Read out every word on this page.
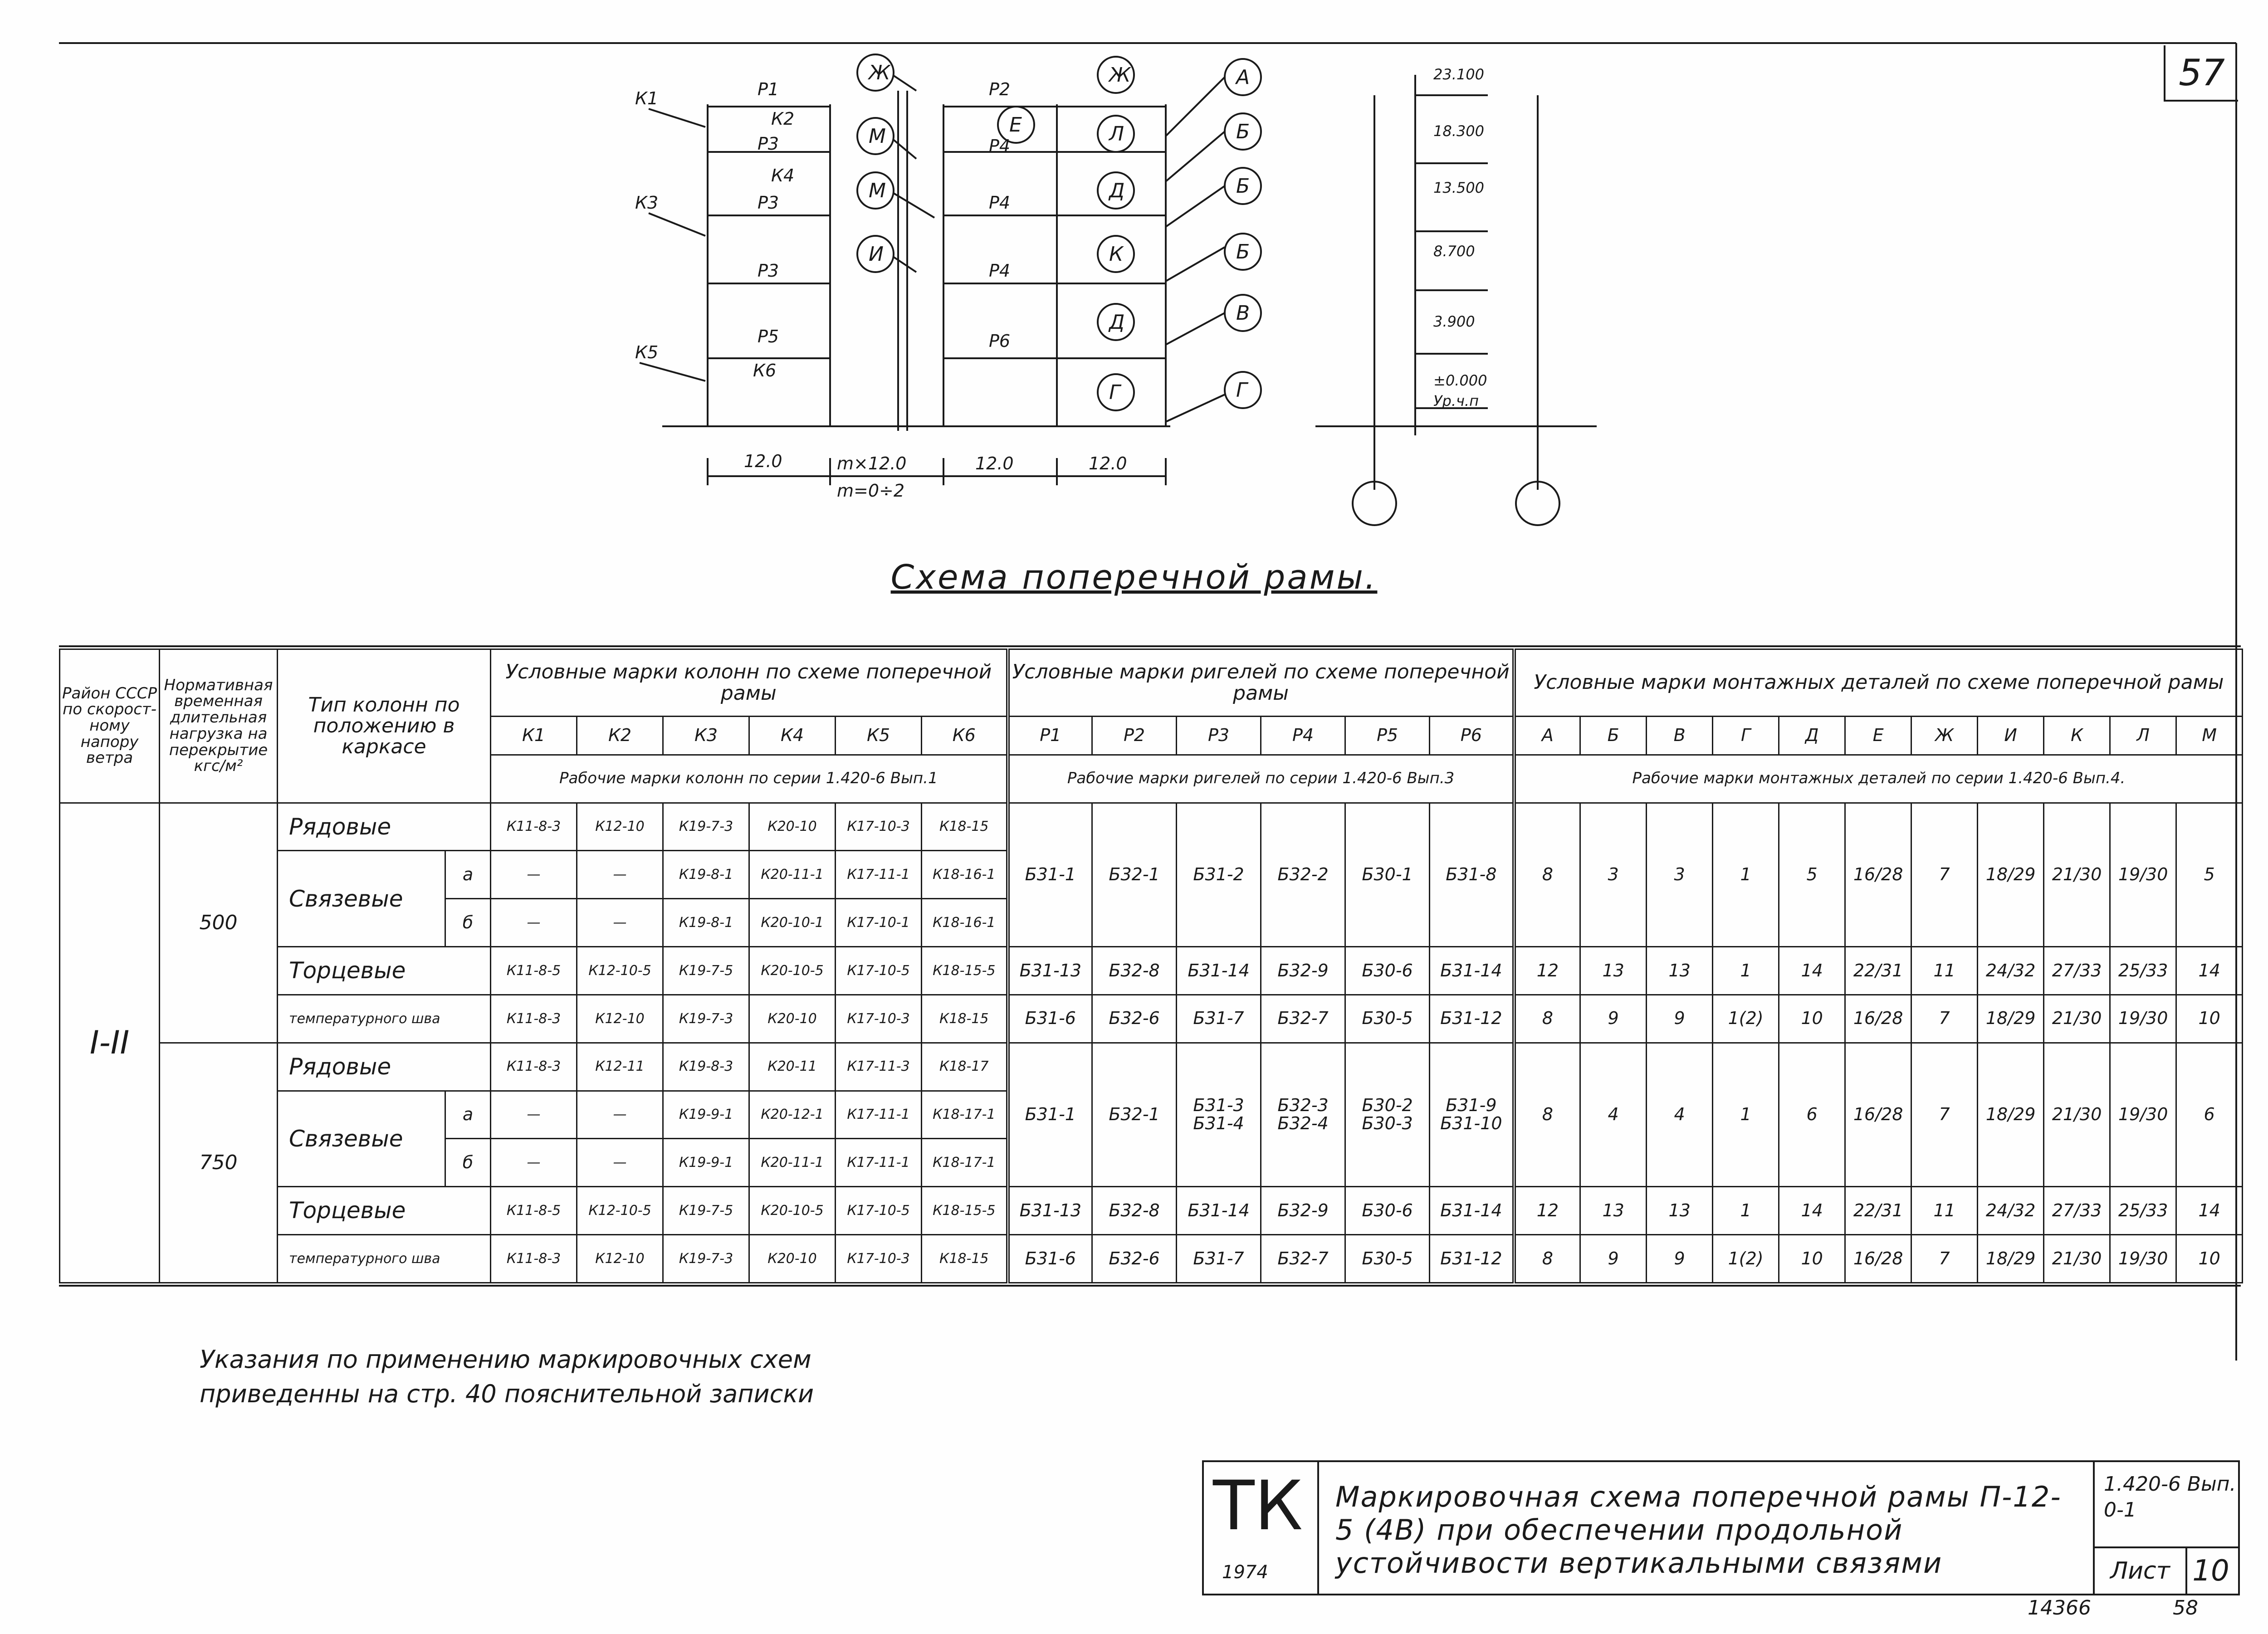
К1
К3
К5
Р1
К2
Р3
К4
Р3
Р3
Р5
К6
Р2
Р4
Р4
Р4
Р6
Ж
М
М
И
Е
Ж
Л
Д
К
Д
Г
А
Б
Б
Б
В
Г
12.0	m×12.0	12.0	12.0
m=0÷2
23.100
18.300
13.500
8.700
3.900
±0.000
Ур.ч.п
57
Схема поперечной рамы.
Район СССР по скорост- ному напору ветра	Нормативная временная длительная нагрузка на перекрытие кгс/м²	Тип колонн по положению в каркасе		Условные марки колонн по схеме поперечной рамы						Условные марки ригелей по схеме поперечной рамы						Условные марки монтажных деталей по схеме поперечной рамы										
				К1	К2	К3	К4	К5	К6	Р1	Р2	Р3	Р4	Р5	Р6	А	Б	В	Г	Д	Е	Ж	И	К	Л	М
				Рабочие марки колонн по серии 1.420-6 Вып.1						Рабочие марки ригелей по серии 1.420-6 Вып.3						Рабочие марки монтажных деталей по серии 1.420-6 Вып.4.										
I-II	500	Рядовые		К11-8-3	К12-10	К19-7-3	К20-10	К17-10-3	К18-15	Б31-1	Б32-1	Б31-2	Б32-2	Б30-1	Б31-8	8	3	3	1	5	16/28	7	18/29	21/30	19/30	5
		Связевые	а	—	—	К19-8-1	К20-11-1	К17-11-1	К18-16-1																	
			б	—	—	К19-8-1	К20-10-1	К17-10-1	К18-16-1																	
		Торцевые		К11-8-5	К12-10-5	К19-7-5	К20-10-5	К17-10-5	К18-15-5	Б31-13	Б32-8	Б31-14	Б32-9	Б30-6	Б31-14	12	13	13	1	14	22/31	11	24/32	27/33	25/33	14
		температурного шва		К11-8-3	К12-10	К19-7-3	К20-10	К17-10-3	К18-15	Б31-6	Б32-6	Б31-7	Б32-7	Б30-5	Б31-12	8	9	9	1(2)	10	16/28	7	18/29	21/30	19/30	10
	750	Рядовые		К11-8-3	К12-11	К19-8-3	К20-11	К17-11-3	К18-17	Б31-1	Б32-1	Б31-3 Б31-4	Б32-3 Б32-4	Б30-2 Б30-3	Б31-9 Б31-10	8	4	4	1	6	16/28	7	18/29	21/30	19/30	6
		Связевые	а	—	—	К19-9-1	К20-12-1	К17-11-1	К18-17-1																	
			б	—	—	К19-9-1	К20-11-1	К17-11-1	К18-17-1																	
		Торцевые		К11-8-5	К12-10-5	К19-7-5	К20-10-5	К17-10-5	К18-15-5	Б31-13	Б32-8	Б31-14	Б32-9	Б30-6	Б31-14	12	13	13	1	14	22/31	11	24/32	27/33	25/33	14
		температурного шва		К11-8-3	К12-10	К19-7-3	К20-10	К17-10-3	К18-15	Б31-6	Б32-6	Б31-7	Б32-7	Б30-5	Б31-12	8	9	9	1(2)	10	16/28	7	18/29	21/30	19/30	10
Указания по применению маркировочных схем

приведенны на стр. 40 пояснительной записки
ТК
1974
Маркировочная схема поперечной рамы П-12-5 (4В) при обеспечении продольной устойчивости вертикальными связями
1.420-6 Вып. 0-1
Лист 10
14366	58
